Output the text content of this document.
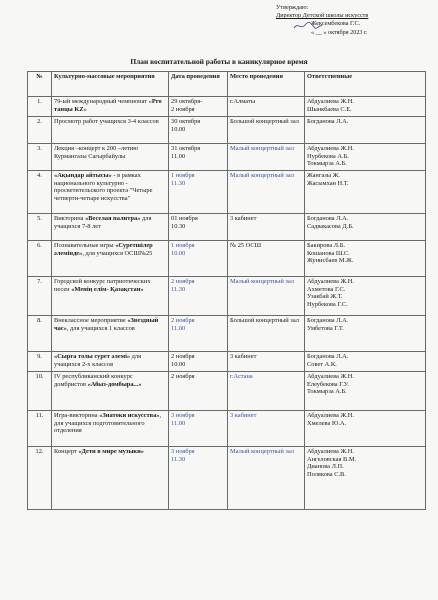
Утверждаю:
Директор Детской школы искусств
Жексембекова Г.С.
« __ » октября 2023 г.
План воспитательной работы в каникулярное время
№	Культурно-массовые мероприятия	Дата проведения	Место проведения	Ответственные
1.	79-ый международный чемпионат «Pro танцы KZ»	29 октября-
2 ноября	г.Алматы	Абдуалиева Ж.Н.
Шынкбаева С.Е.
2.	Просмотр работ учащихся 3-4 классов	30 октября
10.00	Большой концертный зал	Богданова Л.А.
3.	Лекция –концерт к 200 –летию Курмангазы Сагырбайулы	31 октября
11.00	Малый концертный зал	Абдуалиева Ж.Н.
Нурбекова А.Б.
Токмырза А.Б.
4.	«Ақындар айтысы» - в рамках национального культурно - просветительского проекта "Четыре четверти-четыре искусства"	1 ноября
11.30	Малый концертный зал	Жангазы Ж.
Жасымхан Н.Т.
5.	Викторина «Веселая палитра» для учащихся 7-8 лет	01 ноября
10.30	3 кабинет	Богданова Л.А.
Садвакасова Д.Б.
6.	Познавательные игры «Суретшілер әлемінде», для учащихся ОСШ№25	1 ноября
10.00	№ 25 ОСШ	Бакирова Л.Б.
Кошанова Ш.С.
Жунисбаев М.Ж.
7.	Городской конкурс патриотических песен «Менің елім- Қазақстан»	2 ноября
11.30	Малый концертный зал	Абдуалиева Ж.Н.
Ахметова Г.С.
Узакбай Ж.Т.
Нурбекова Г.С.
8.	Внеклассное мероприятие «Звездный час», для учащихся 1 классов	2 ноября
11.00	Большой концертный зал	Богданова Л.А.
Умбетова Г.Т.
9.	«Сырға толы сурет әлемі» для учащихся 2-х классов	2 ноября
10.00	3 кабинет	Богданова Л.А.
Совет А.К.
10.	IV республиканский конкурс домбристов «Абыз-домбыра...»	2 ноября	г.Астана	Абдуалиева Ж.Н.
Елеубекова Г.У.
Токмырза А.Б.
11.	Игра-викторина «Знатоки искусства», для учащихся подготовительного отделения	3 ноября
11.00	3 кабинет	Абдуалиева Ж.Н.
Хмелева Ю.А.
12.	Концерт «Дети в мире музыки»	3 ноября
11.30	Малый концертный зал	Абдуалиева Ж.Н.
Ангеловская В.М.
Дианова Л.П.
Полякова С.В.
